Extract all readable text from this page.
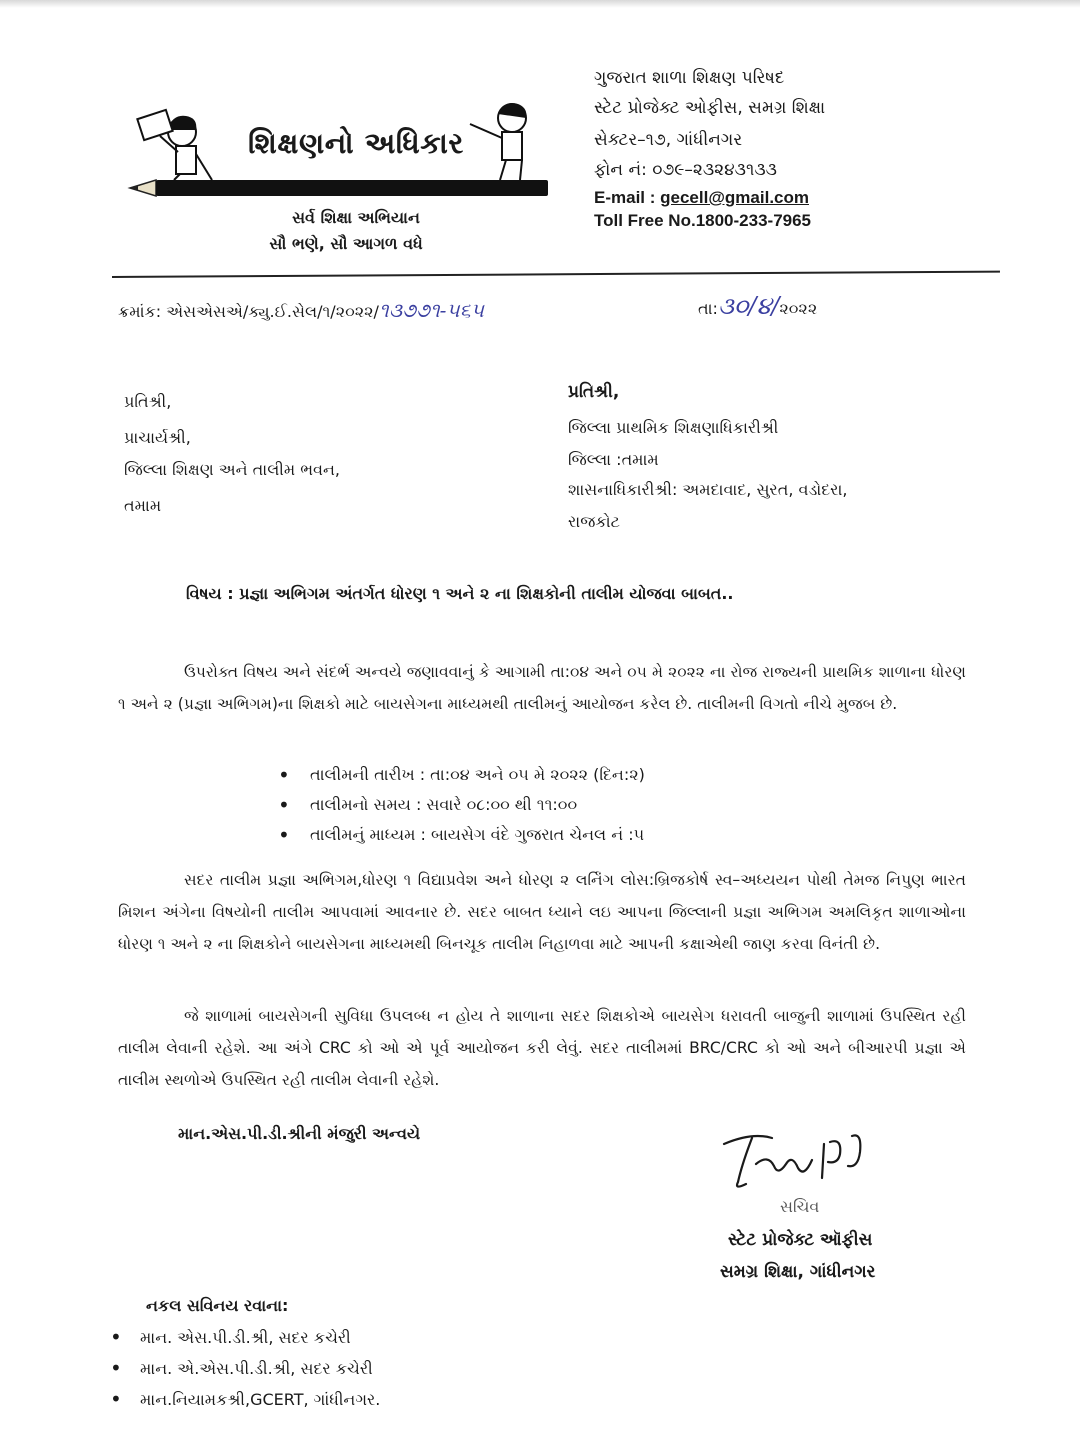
શિક્ષણનો અધિકાર
સર્વ શિક્ષા અભિયાન
સૌ ભણે, સૌ આગળ વધે
ગુજરાત શાળા શિક્ષણ પરિષદ
સ્ટેટ પ્રોજેક્ટ ઓફીસ, સમગ્ર શિક્ષા
સેક્ટર–૧૭, ગાંધીનગર
ફોન નં: ૦૭૯–૨૩૨૪૩૧૩૩
E-mail : gecell@gmail.com
Toll Free No.1800-233-7965
ક્રમાંક: એસએસએ/ક્યુ.ઈ.સેલ/૧/૨૦૨૨/૧૩૭૭૧-૫૬૫	તા:૩૦/૪/૨૦૨૨
પ્રતિશ્રી,
પ્રાચાર્યશ્રી,
જિલ્લા શિક્ષણ અને તાલીમ ભવન,
તમામ
પ્રતિશ્રી,
જિલ્લા પ્રાથમિક શિક્ષણાધિકારીશ્રી
જિલ્લા :તમામ
શાસનાધિકારીશ્રી: અમદાવાદ, સુરત, વડોદરા,
રાજકોટ
વિષય : પ્રજ્ઞા અભિગમ અંતર્ગત ધોરણ ૧ અને ૨ ના શિક્ષકોની તાલીમ યોજવા બાબત..
ઉપરોક્ત વિષય અને સંદર્ભ અન્વયે જણાવવાનું કે આગામી તા:૦૪ અને ૦૫ મે ૨૦૨૨ ના રોજ રાજ્યની પ્રાથમિક શાળાના ધોરણ ૧ અને ૨ (પ્રજ્ઞા અભિગમ)ના શિક્ષકો માટે બાયસેગના માધ્યમથી તાલીમનું આયોજન કરેલ છે. તાલીમની વિગતો નીચે મુજબ છે.
• તાલીમની તારીખ : તા:૦૪ અને ૦૫ મે ૨૦૨૨ (દિન:૨)
• તાલીમનો સમય : સવારે ૦૮:૦૦ થી ૧૧:૦૦
• તાલીમનું માધ્યમ : બાયસેગ વંદે ગુજરાત ચેનલ નં :૫
સદર તાલીમ પ્રજ્ઞા અભિગમ,ધોરણ ૧ વિદ્યાપ્રવેશ અને ધોરણ ૨ લર્નિંગ લોસ:બ્રિજકોર્ષ સ્વ–અધ્યયન પોથી તેમજ નિપુણ ભારત મિશન અંગેના વિષયોની તાલીમ આપવામાં આવનાર છે. સદર બાબત ધ્યાને લઇ આપના જિલ્લાની પ્રજ્ઞા અભિગમ અમલિકૃત શાળાઓના ધોરણ ૧ અને ૨ ના શિક્ષકોને બાયસેગના માધ્યમથી બિનચૂક તાલીમ નિહાળવા માટે આપની કક્ષાએથી જાણ કરવા વિનંતી છે.
જે શાળામાં બાયસેગની સુવિધા ઉપલબ્ધ ન હોય તે શાળાના સદર શિક્ષકોએ બાયસેગ ધરાવતી બાજુની શાળામાં ઉપસ્થિત રહી તાલીમ લેવાની રહેશે. આ અંગે CRC કો ઓ એ પૂર્વ આયોજન કરી લેવું. સદર તાલીમમાં BRC/CRC કો ઓ અને બીઆરપી પ્રજ્ઞા એ તાલીમ સ્થળોએ ઉપસ્થિત રહી તાલીમ લેવાની રહેશે.
માન.એસ.પી.ડી.શ્રીની મંજુરી અન્વયે
સચિવ
સ્ટેટ પ્રોજેક્ટ ઑફીસ
સમગ્ર શિક્ષા, ગાંધીનગર
નકલ સવિનય રવાના:
• માન. એસ.પી.ડી.શ્રી, સદર કચેરી
• માન. એ.એસ.પી.ડી.શ્રી, સદર કચેરી
• માન.નિયામકશ્રી,GCERT, ગાંધીનગર.
